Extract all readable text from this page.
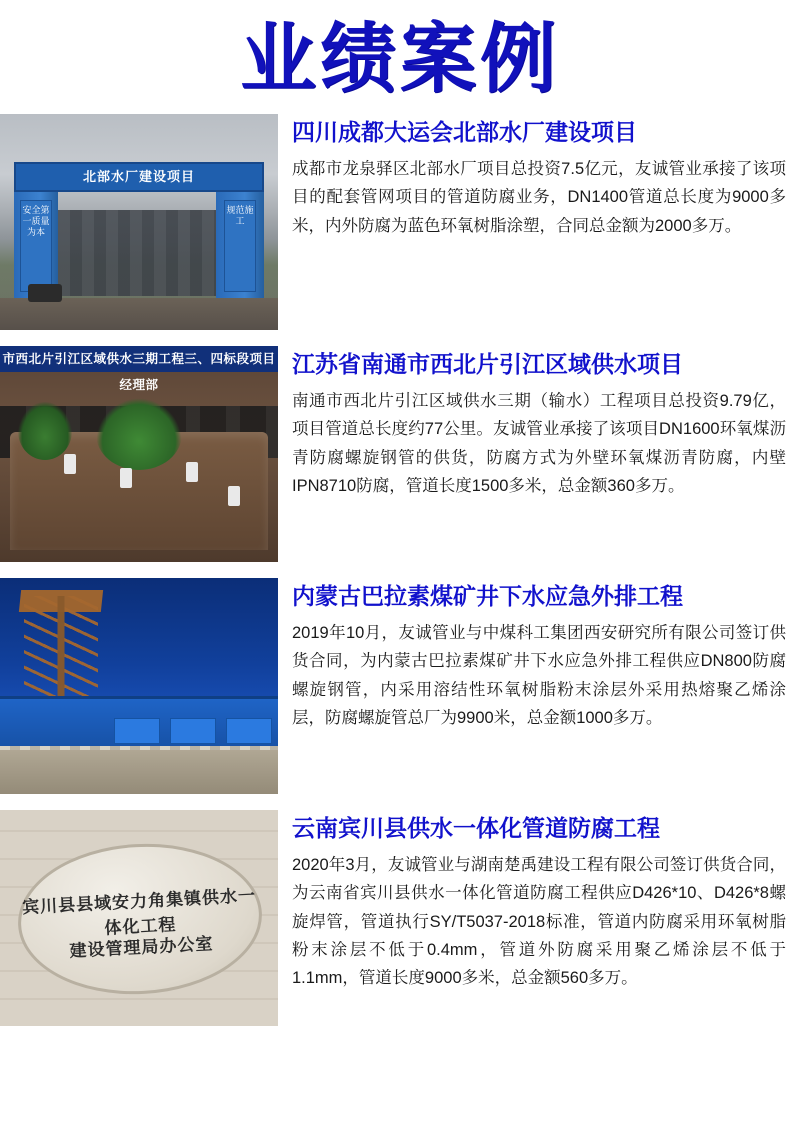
业绩案例
北部水厂建设项目
安全第一质量为本
规范施工
四川成都大运会北部水厂建设项目
成都市龙泉驿区北部水厂项目总投资7.5亿元，友诚管业承接了该项目的配套管网项目的管道防腐业务，DN1400管道总长度为9000多米，内外防腐为蓝色环氧树脂涂塑，合同总金额为2000多万。
市西北片引江区域供水三期工程三、四标段项目经理部
江苏省南通市西北片引江区域供水项目
南通市西北片引江区域供水三期（输水）工程项目总投资9.79亿，项目管道总长度约77公里。友诚管业承接了该项目DN1600环氧煤沥青防腐螺旋钢管的供货，防腐方式为外壁环氧煤沥青防腐，内壁IPN8710防腐，管道长度1500多米，总金额360多万。
内蒙古巴拉素煤矿井下水应急外排工程
2019年10月，友诚管业与中煤科工集团西安研究所有限公司签订供货合同，为内蒙古巴拉素煤矿井下水应急外排工程供应DN800防腐螺旋钢管，内采用溶结性环氧树脂粉末涂层外采用热熔聚乙烯涂层，防腐螺旋管总厂为9900米，总金额1000多万。
宾川县县域安力角集镇供水一体化工程
建设管理局办公室
云南宾川县供水一体化管道防腐工程
2020年3月，友诚管业与湖南楚禹建设工程有限公司签订供货合同，为云南省宾川县供水一体化管道防腐工程供应D426*10、D426*8螺旋焊管，管道执行SY/T5037-2018标准，管道内防腐采用环氧树脂粉末涂层不低于0.4mm，管道外防腐采用聚乙烯涂层不低于1.1mm，管道长度9000多米，总金额560多万。
